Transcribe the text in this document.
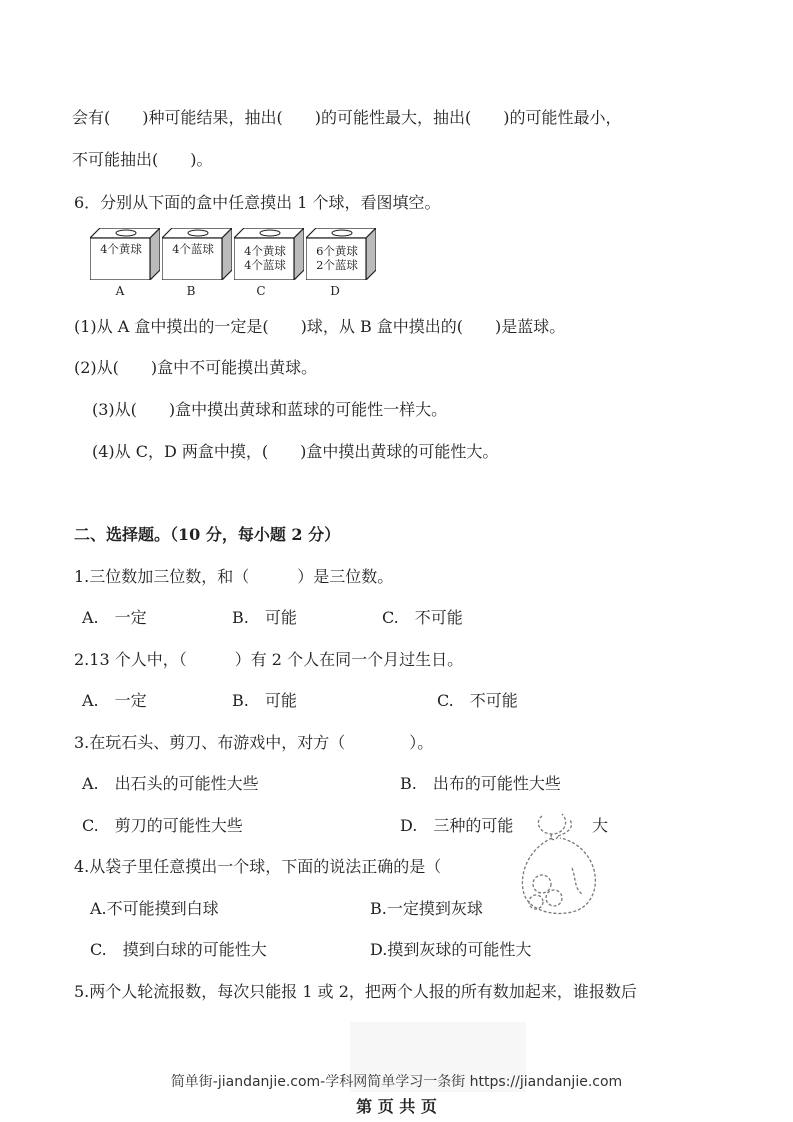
会有(　　)种可能结果，抽出(　　)的可能性最大，抽出(　　)的可能性最小，
不可能抽出(　　)。
6．分别从下面的盒中任意摸出 1 个球，看图填空。
4个黄球	4个蓝球	4个黄球
4个蓝球
6个黄球
2个蓝球
A	B	C	D
(1)从 A 盒中摸出的一定是(　　)球，从 B 盒中摸出的(　　)是蓝球。
(2)从(　　)盒中不可能摸出黄球。
(3)从(　　)盒中摸出黄球和蓝球的可能性一样大。
(4)从 C，D 两盒中摸，(　　)盒中摸出黄球的可能性大。
二、选择题。（10 分，每小题 2 分）
1.三位数加三位数，和（　　　）是三位数。
A.　一定	B.　可能	C.　不可能
2.13 个人中，（　　　）有 2 个人在同一个月过生日。
A.　一定	B.　可能	C.　不可能
3.在玩石头、剪刀、布游戏中，对方（　　　　）。
A.　出石头的可能性大些	B.　出布的可能性大些
C.　剪刀的可能性大些	D.　三种的可能	大
4.从袋子里任意摸出一个球，下面的说法正确的是（
A.不可能摸到白球	B.一定摸到灰球
C.　摸到白球的可能性大	D.摸到灰球的可能性大
5.两个人轮流报数，每次只能报 1 或 2，把两个人报的所有数加起来，谁报数后
简单街-jiandanjie.com-学科网简单学习一条街 https://jiandanjie.com
第 页 共 页
